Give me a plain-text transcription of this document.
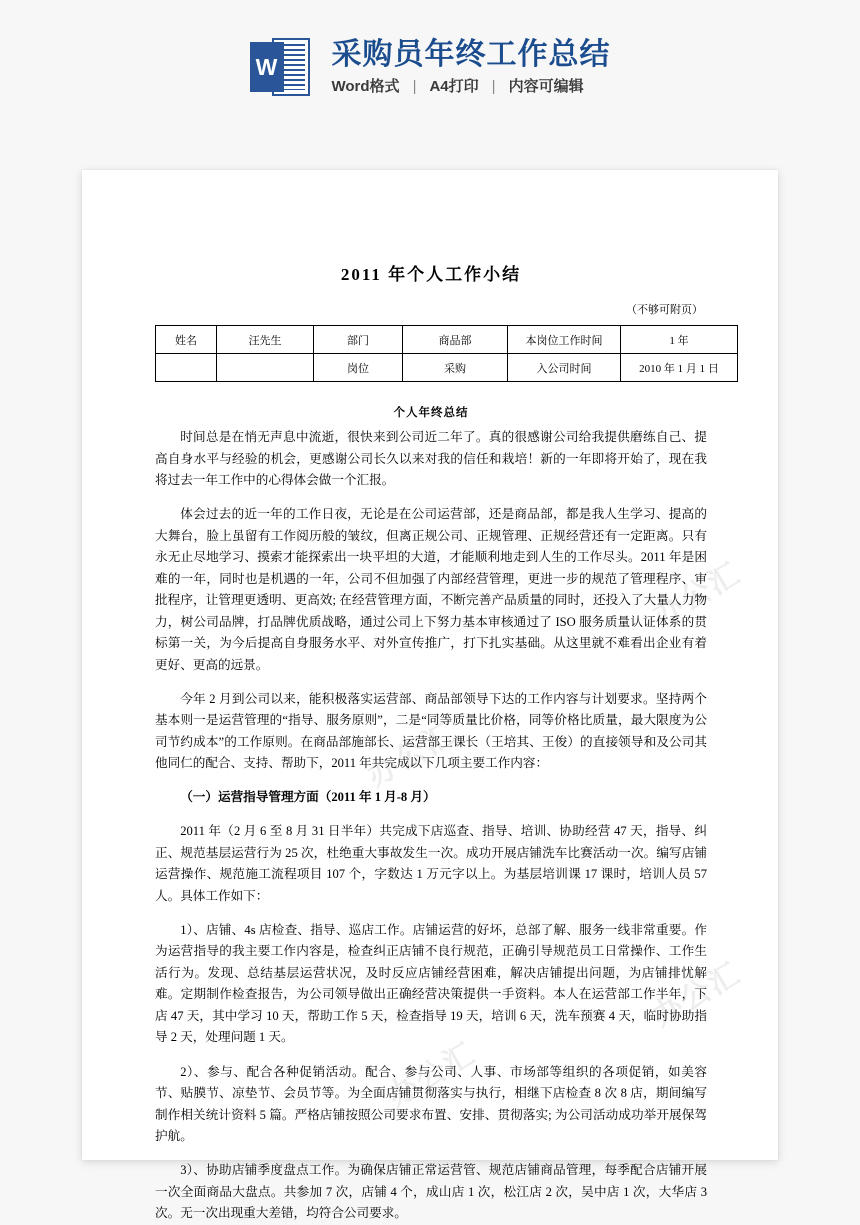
W 采购员年终工作总结
Word格式 | A4打印 | 内容可编辑
办公汇
办公汇
办公汇
办公汇
2011 年个人工作小结
（不够可附页）
姓名	汪先生	部门	商品部	本岗位工作时间	1 年
		岗位	采购	入公司时间	2010 年 1 月 1 日
个人年终总结

时间总是在悄无声息中流逝，很快来到公司近二年了。真的很感谢公司给我提供磨练自己、提高自身水平与经验的机会，更感谢公司长久以来对我的信任和栽培！新的一年即将开始了，现在我将过去一年工作中的心得体会做一个汇报。

体会过去的近一年的工作日夜，无论是在公司运营部，还是商品部，都是我人生学习、提高的大舞台，脸上虽留有工作阅历般的皱纹，但离正规公司、正规管理、正规经营还有一定距离。只有永无止尽地学习、摸索才能探索出一块平坦的大道，才能顺利地走到人生的工作尽头。2011 年是困难的一年，同时也是机遇的一年，公司不但加强了内部经营管理，更进一步的规范了管理程序、审批程序，让管理更透明、更高效; 在经营管理方面，不断完善产品质量的同时，还投入了大量人力物力，树公司品牌，打品牌优质战略，通过公司上下努力基本审核通过了 ISO 服务质量认证体系的贯标第一关，为今后提高自身服务水平、对外宣传推广，打下扎实基础。从这里就不难看出企业有着更好、更高的远景。

今年 2 月到公司以来，能积极落实运营部、商品部领导下达的工作内容与计划要求。坚持两个基本则一是运营管理的“指导、服务原则”，二是“同等质量比价格，同等价格比质量，最大限度为公司节约成本”的工作原则。在商品部施部长、运营部王课长（王培其、王俊）的直接领导和及公司其他同仁的配合、支持、帮助下，2011 年共完成以下几项主要工作内容：

（一）运营指导管理方面（2011 年 1 月-8 月）

2011 年（2 月 6 至 8 月 31 日半年）共完成下店巡查、指导、培训、协助经营 47 天，指导、纠正、规范基层运营行为 25 次，杜绝重大事故发生一次。成功开展店铺洗车比赛活动一次。编写店铺运营操作、规范施工流程项目 107 个，字数达 1 万元字以上。为基层培训课 17 课时，培训人员 57 人。具体工作如下：

1）、店铺、4s 店检查、指导、巡店工作。店铺运营的好坏，总部了解、服务一线非常重要。作为运营指导的我主要工作内容是，检查纠正店铺不良行规范，正确引导规范员工日常操作、工作生活行为。发现、总结基层运营状况，及时反应店铺经营困难，解决店铺提出问题，为店铺排忧解难。定期制作检查报告，为公司领导做出正确经营决策提供一手资料。本人在运营部工作半年，下店 47 天，其中学习 10 天，帮助工作 5 天，检查指导 19 天，培训 6 天，洗车预赛 4 天，临时协助指导 2 天，处理问题 1 天。

2）、参与、配合各种促销活动。配合、参与公司、人事、市场部等组织的各项促销，如美容节、贴膜节、凉垫节、会员节等。为全面店铺贯彻落实与执行，相继下店检查 8 次 8 店，期间编写制作相关统计资料 5 篇。严格店铺按照公司要求布置、安排、贯彻落实; 为公司活动成功举开展保驾护航。

3）、协助店铺季度盘点工作。为确保店铺正常运营管、规范店铺商品管理，每季配合店铺开展一次全面商品大盘点。共参加 7 次，店铺 4 个，成山店 1 次，松江店 2 次，吴中店 1 次，大华店 3 次。无一次出现重大差错，均符合公司要求。
